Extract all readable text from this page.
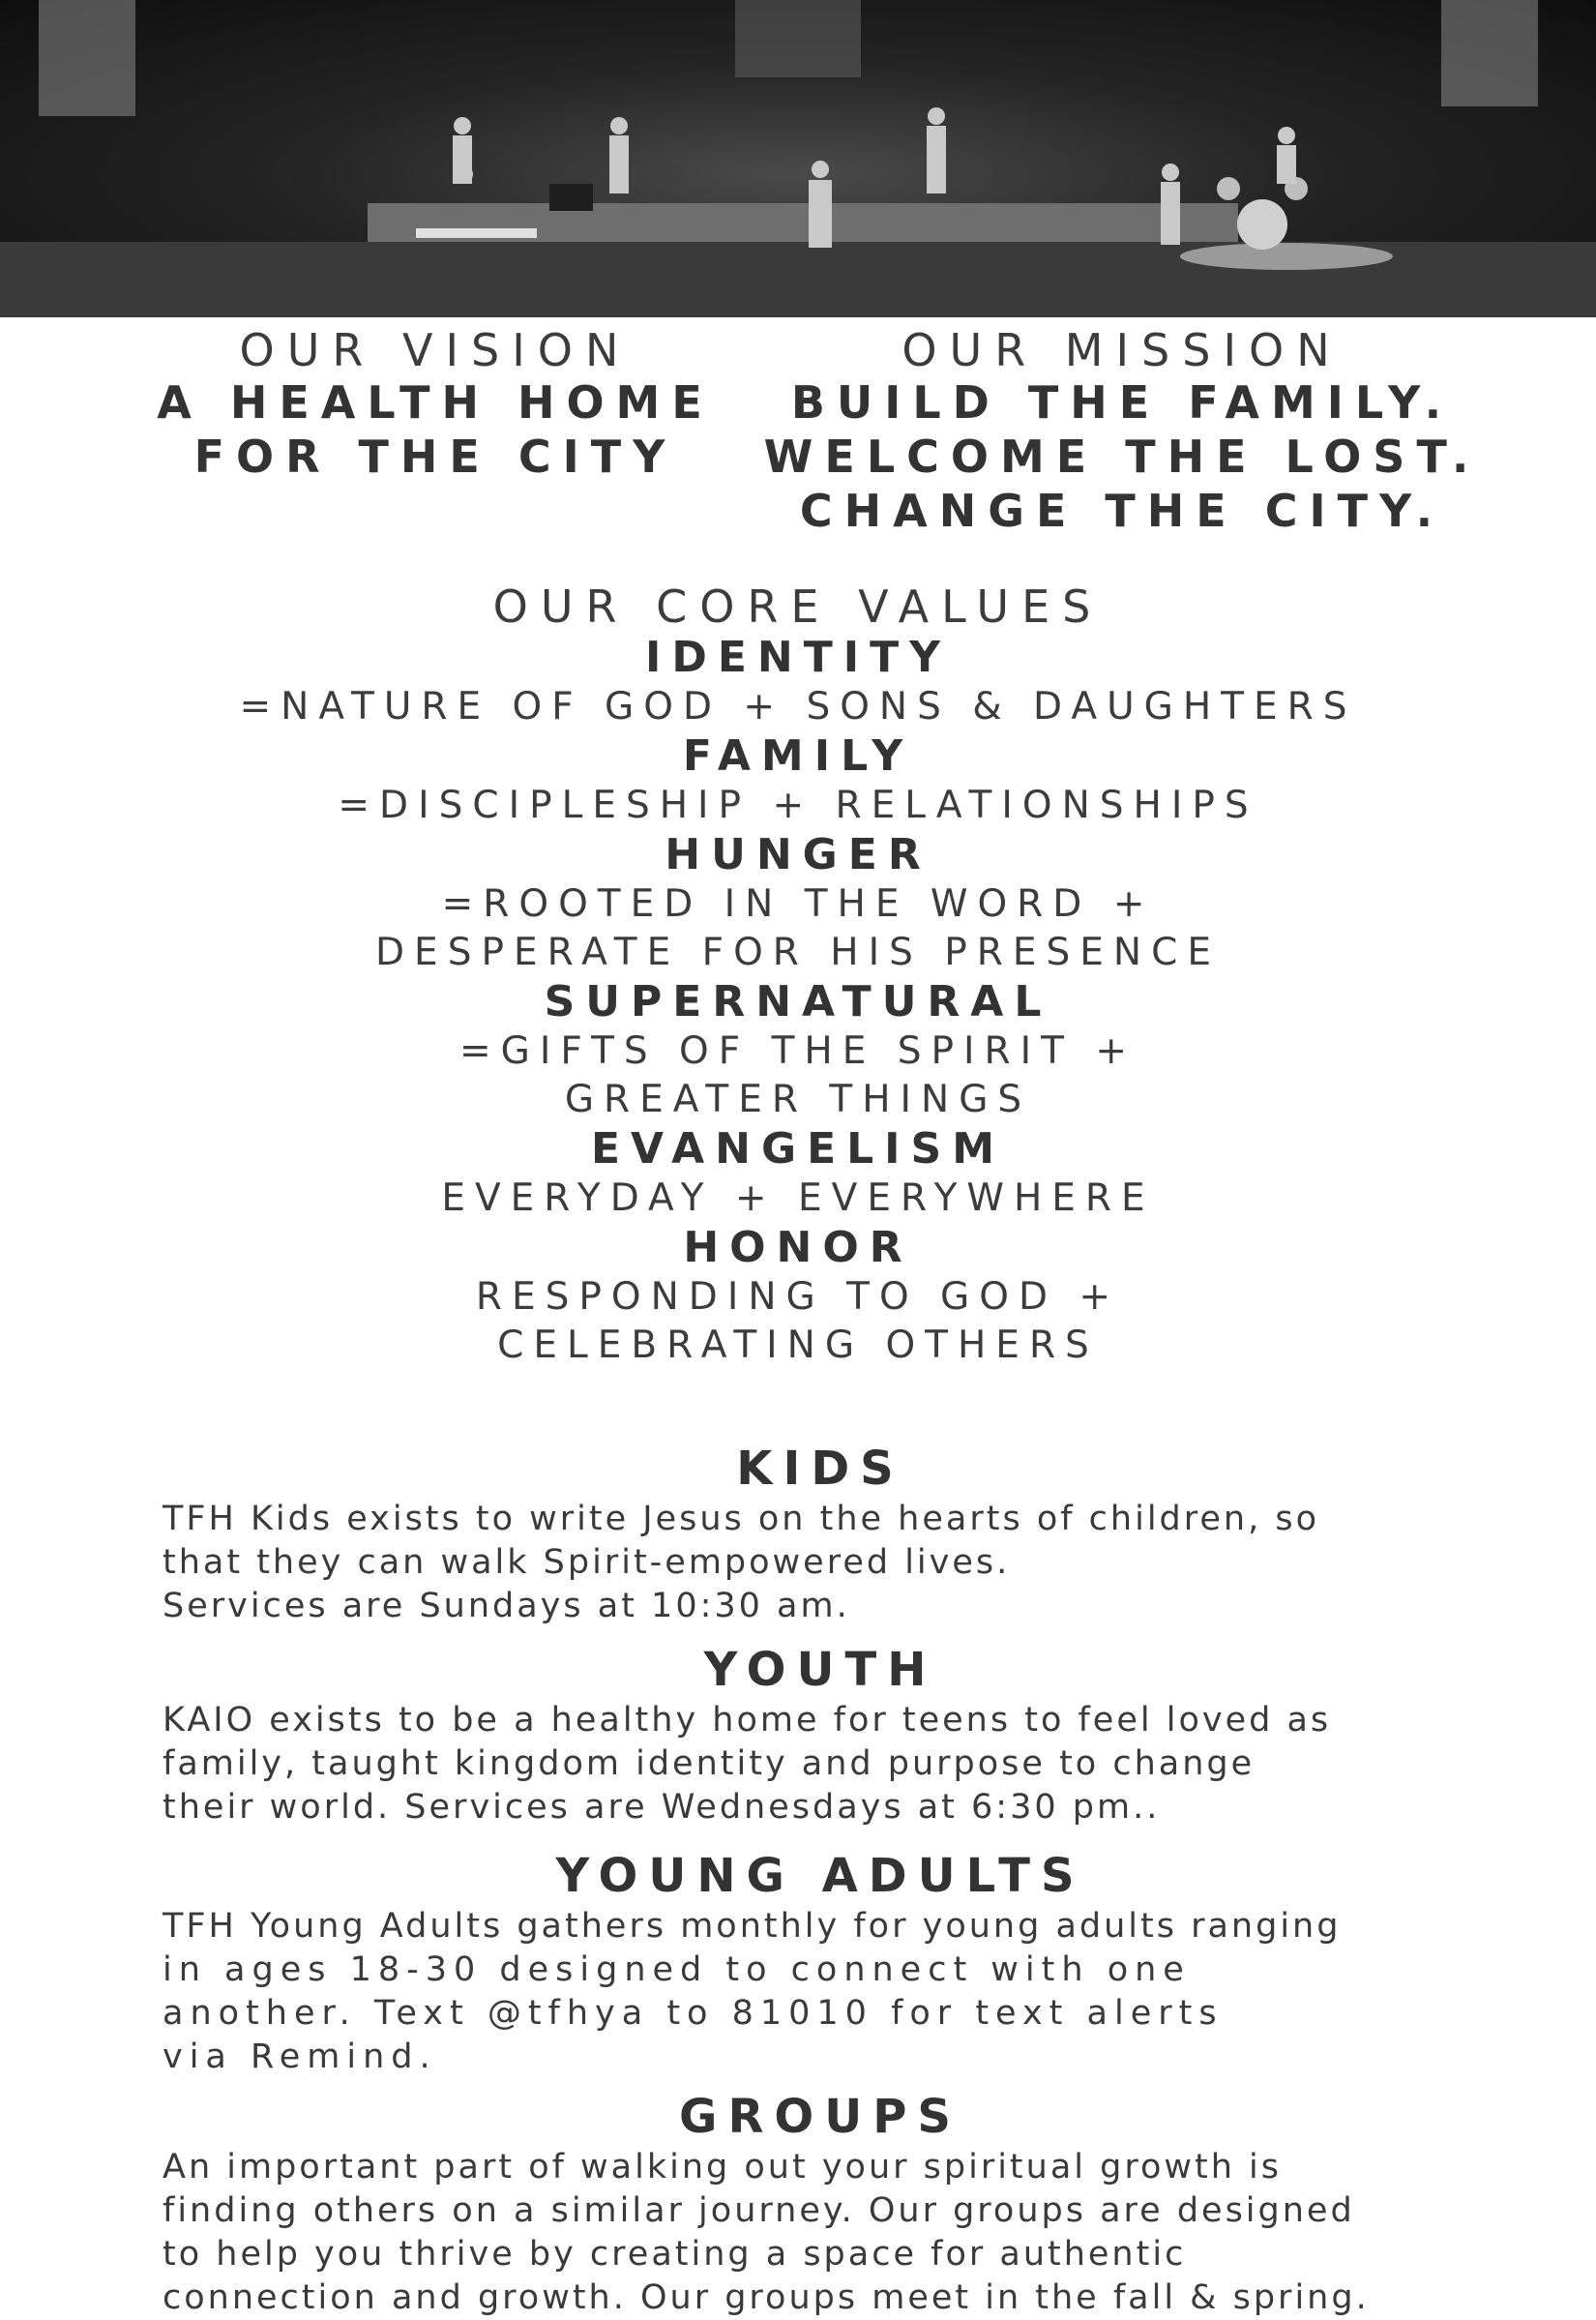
OUR VISION
A HEALTH HOME
FOR THE CITY
OUR MISSION
BUILD THE FAMILY.
WELCOME THE LOST.
CHANGE THE CITY.
OUR CORE VALUES
IDENTITY
=NATURE OF GOD + SONS & DAUGHTERS
FAMILY
=DISCIPLESHIP + RELATIONSHIPS
HUNGER
=ROOTED IN THE WORD +
DESPERATE FOR HIS PRESENCE
SUPERNATURAL
=GIFTS OF THE SPIRIT +
GREATER THINGS
EVANGELISM
EVERYDAY + EVERYWHERE
HONOR
RESPONDING TO GOD +
CELEBRATING OTHERS
KIDS
TFH Kids exists to write Jesus on the hearts of children, so
that they can walk Spirit-empowered lives.
Services are Sundays at 10:30 am.
YOUTH
KAIO exists to be a healthy home for teens to feel loved as
family, taught kingdom identity and purpose to change
their world. Services are Wednesdays at 6:30 pm..
YOUNG ADULTS
TFH Young Adults gathers monthly for young adults ranging
in ages 18-30 designed to connect with one
another. Text @tfhya to 81010 for text alerts
via Remind.
GROUPS
An important part of walking out your spiritual growth is
finding others on a similar journey. Our groups are designed
to help you thrive by creating a space for authentic
connection and growth. Our groups meet in the fall & spring.
